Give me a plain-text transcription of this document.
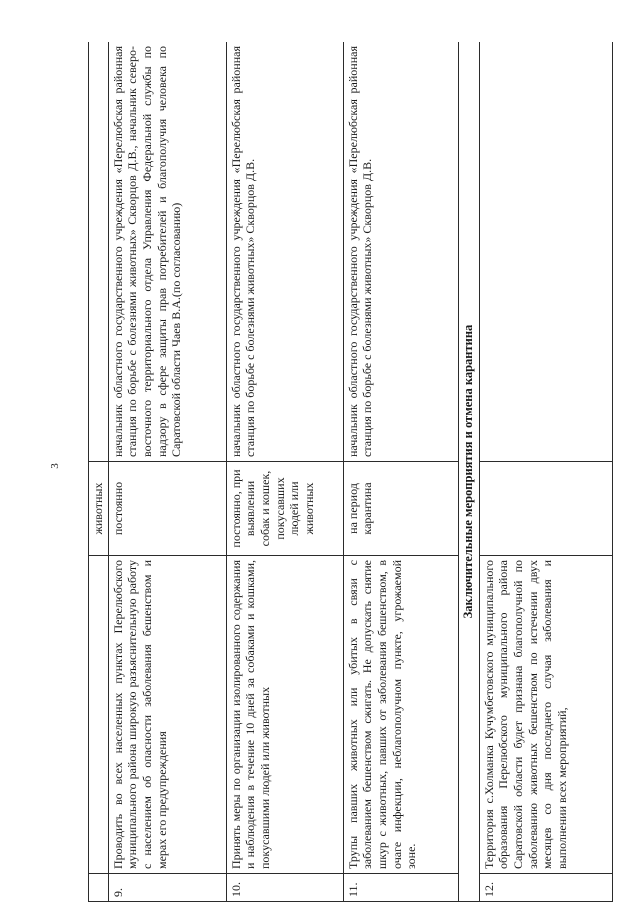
3
		животных	
9.	Проводить во всех населенных пунктах Перелюбского муниципального района широкую разъяснительную работу с населением об опасности заболевания бешенством и мерах его предупреждения	постоянно	начальник областного государственного учреждения «Перелюбская районная станция по борьбе с болезнями животных» Скворцов Д.В., начальник северо-восточного территориального отдела Управления Федеральной службы по надзору в сфере защиты прав потребителей и благополучия человека по Саратовской области Чаев В.А.(по согласованию)
10.	Принять меры по организации изолированного содержания и наблюдения в течение 10 дней за собаками и кошками, покусавшими людей или животных	постоянно, при выявлении собак и кошек, покусавших людей или животных	начальник областного государственного учреждения «Перелюбская районная станция по борьбе с болезнями животных» Скворцов Д.В.
11.	Трупы павших животных или убитых в связи с заболеванием бешенством сжигать. Не допускать снятие шкур с животных, павших от заболевания бешенством, в очаге инфекции, неблагополучном пункте, угрожаемой зоне.	на период карантина	начальник областного государственного учреждения «Перелюбская районная станция по борьбе с болезнями животных» Скворцов Д.В.
Заключительные мероприятия и отмена карантина			
12.	Территория с.Холманка Кучумбетовского муниципального образования Перелюбского муниципального района Саратовской области будет признана благополучной по заболеванию животных бешенством по истечении двух месяцев со дня последнего случая заболевания и выполнении всех мероприятий,		
